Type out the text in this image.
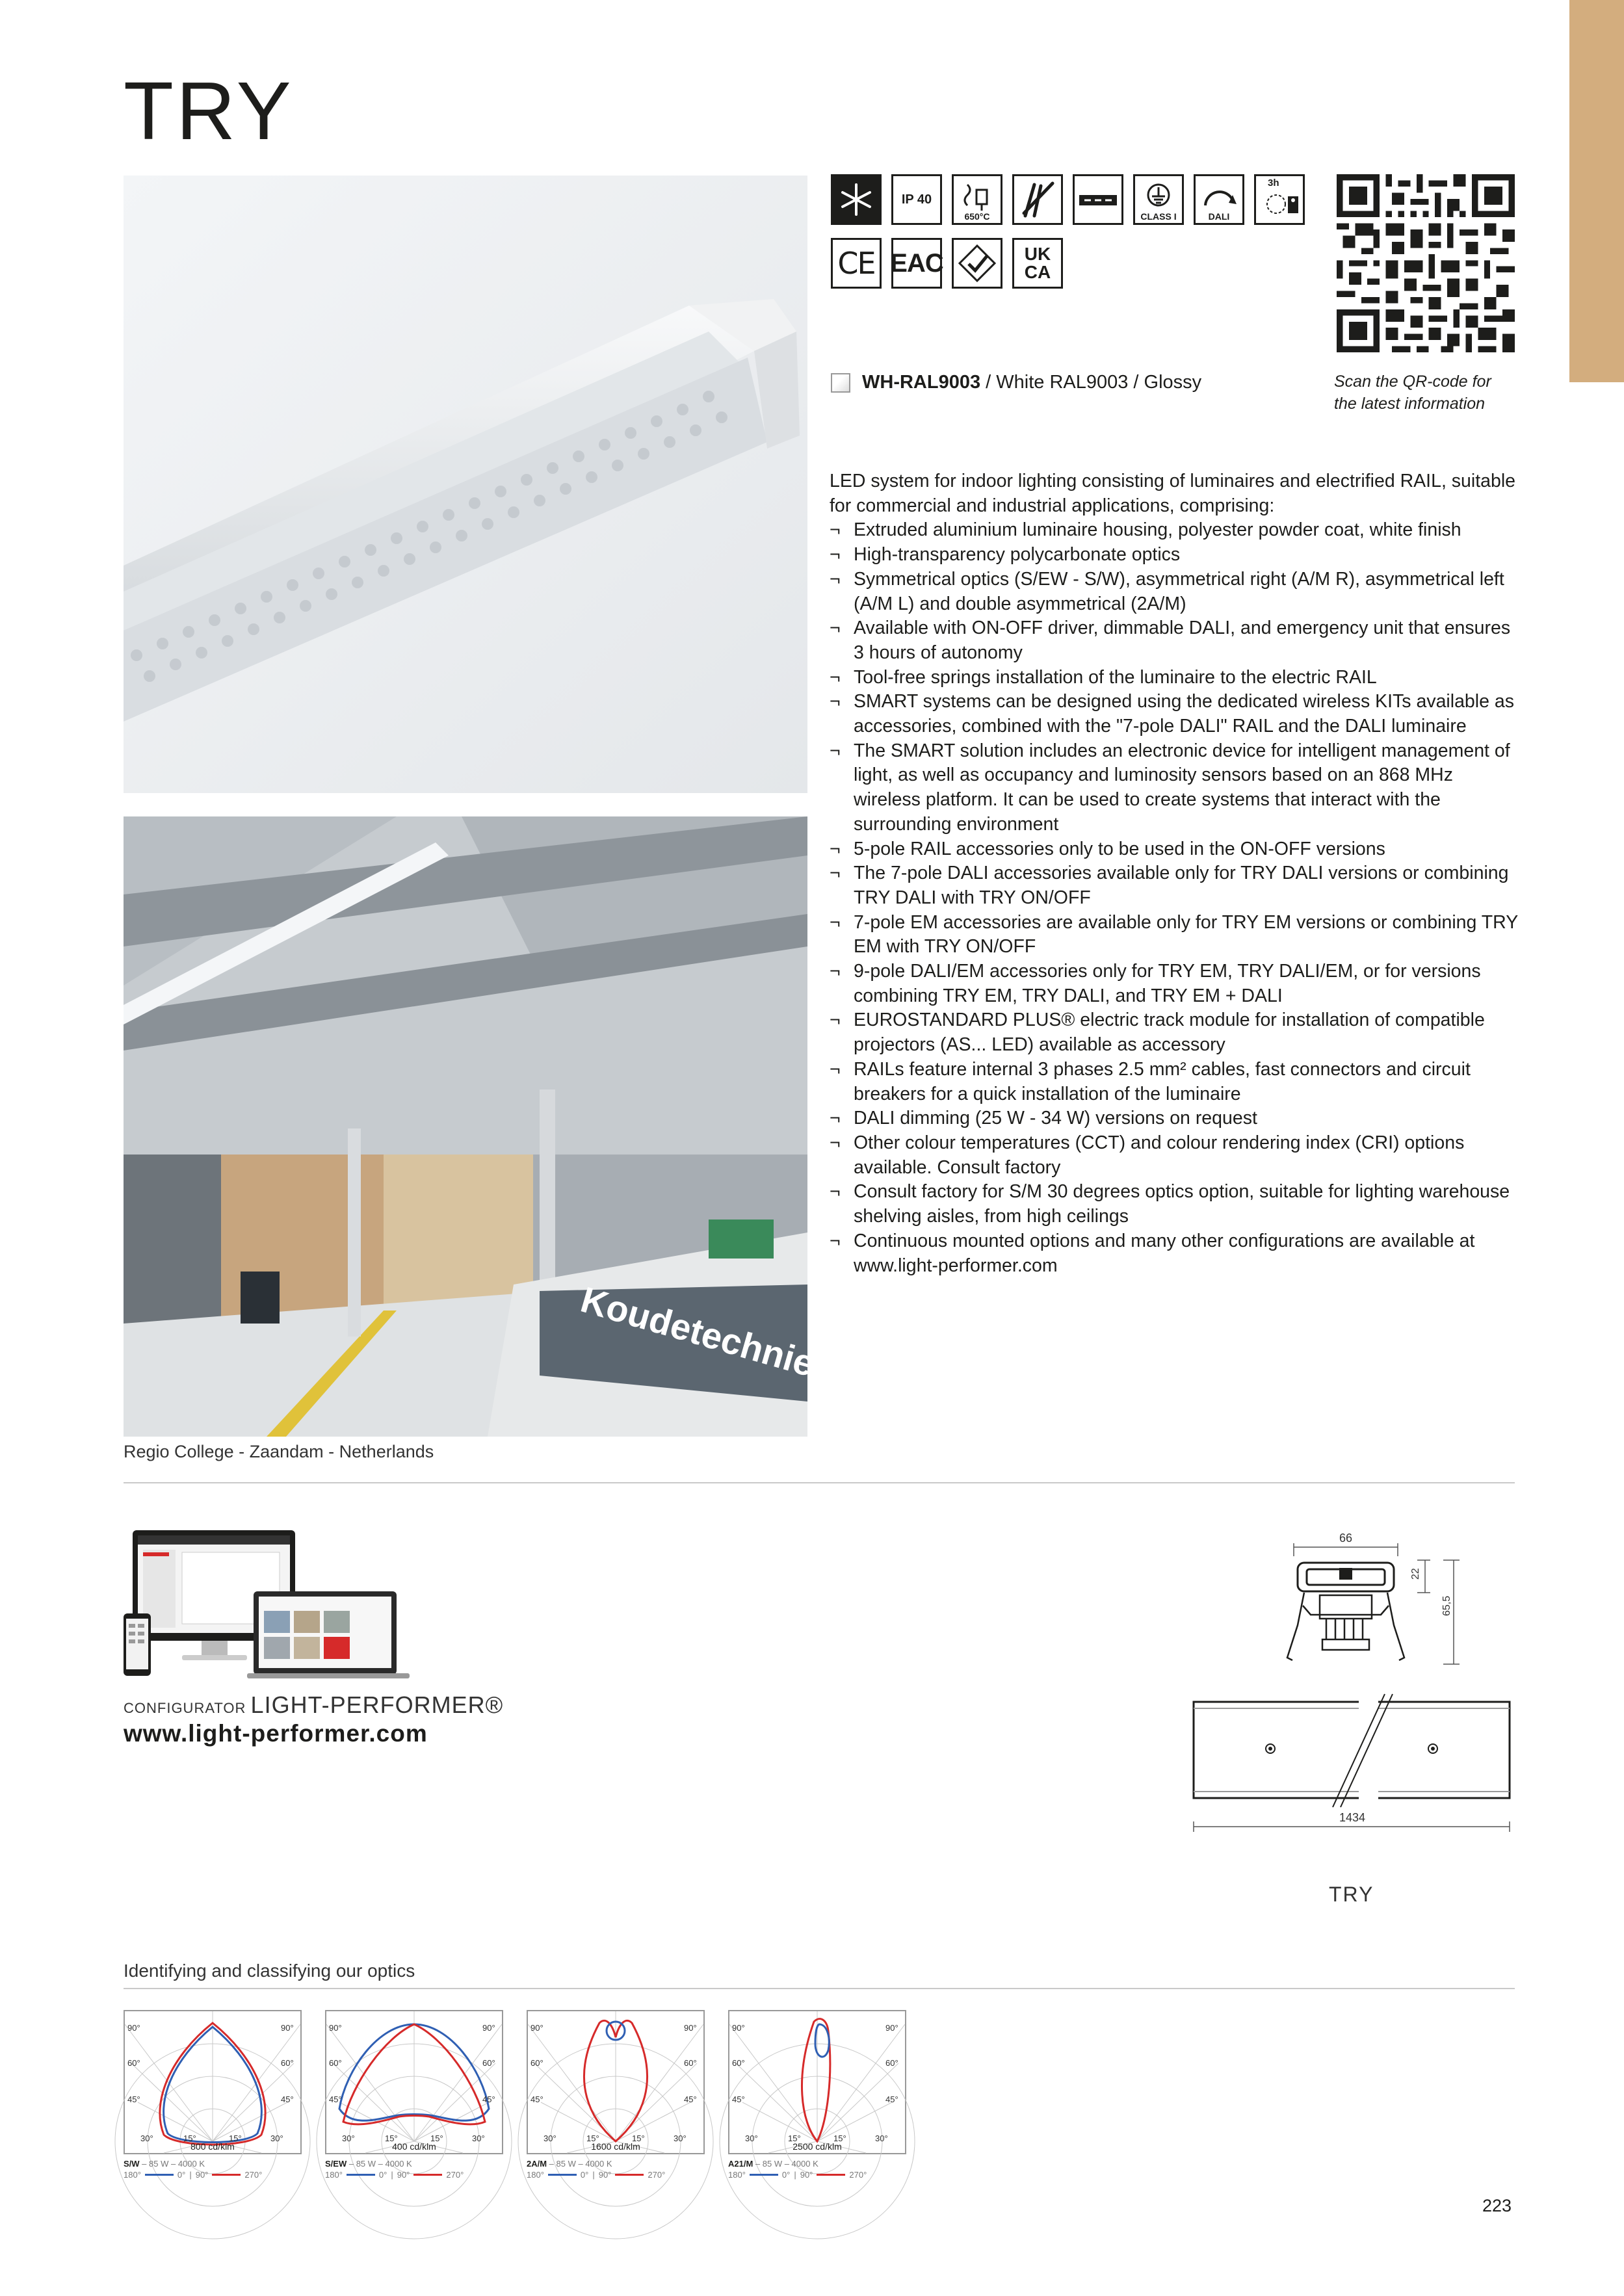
TRY
Koudetechniek!
Regio College - Zaandam - Netherlands
IP 40
650°C	CLASS I	DALI
3h
CE EAC	UK CA
Scan the QR-code for
the latest information
WH-RAL9003 / White RAL9003 / Glossy

LED system for indoor lighting consisting of luminaires and electrified RAIL, suitable for commercial and industrial applications, comprising:

¬ Extruded aluminium luminaire housing, polyester powder coat, white finish
¬ High-transparency polycarbonate optics
¬ Symmetrical optics (S/EW - S/W), asymmetrical right (A/M R), asymmetrical left (A/M L) and double asymmetrical (2A/M)
¬ Available with ON-OFF driver, dimmable DALI, and emergency unit that ensures 3 hours of autonomy
¬ Tool-free springs installation of the luminaire to the electric RAIL
¬ SMART systems can be designed using the dedicated wireless KITs available as accessories, combined with the "7-pole DALI" RAIL and the DALI luminaire
¬ The SMART solution includes an electronic device for intelligent management of light, as well as occupancy and luminosity sensors based on an 868 MHz wireless platform. It can be used to create systems that interact with the surrounding environment
¬ 5-pole RAIL accessories only to be used in the ON-OFF versions
¬ The 7-pole DALI accessories available only for TRY DALI versions or combining TRY DALI with TRY ON/OFF
¬ 7-pole EM accessories are available only for TRY EM versions or combining TRY EM with TRY ON/OFF
¬ 9-pole DALI/EM accessories only for TRY EM, TRY DALI/EM, or for versions combining TRY EM, TRY DALI, and TRY EM + DALI
¬ EUROSTANDARD PLUS® electric track module for installation of compatible projectors (AS... LED) available as accessory
¬ RAILs feature internal 3 phases 2.5 mm² cables, fast connectors and circuit breakers for a quick installation of the luminaire
¬ DALI dimming (25 W - 34 W) versions on request
¬ Other colour temperatures (CCT) and colour rendering index (CRI) options available. Consult factory
¬ Consult factory for S/M 30 degrees optics option, suitable for lighting warehouse shelving aisles, from high ceilings
¬ Continuous mounted options and many other configurations are available at www.light-performer.com
CONFIGURATOR LIGHT-PERFORMER®
www.light-performer.com
66
22
65,5
1434
TRY
Identifying and classifying our optics
90°	90°
60°	60°
45°	45°
30°	30°
15°	15°
800 cd/klm
S/W – 85 W – 4000 K
180°	0° | 90°	270°
90°	90°
60°	60°
45°	45°
30°	30°
15°	15°
400 cd/klm
S/EW – 85 W – 4000 K
180°	0° | 90°	270°
90°	90°
60°	60°
45°	45°
30°	30°
15°	15°
1600 cd/klm
2A/M – 85 W – 4000 K
180°	0° | 90°	270°
90°	90°
60°	60°
45°	45°
30°	30°
15°	15°
2500 cd/klm
A21/M – 85 W – 4000 K
180°	0° | 90°	270°
223
